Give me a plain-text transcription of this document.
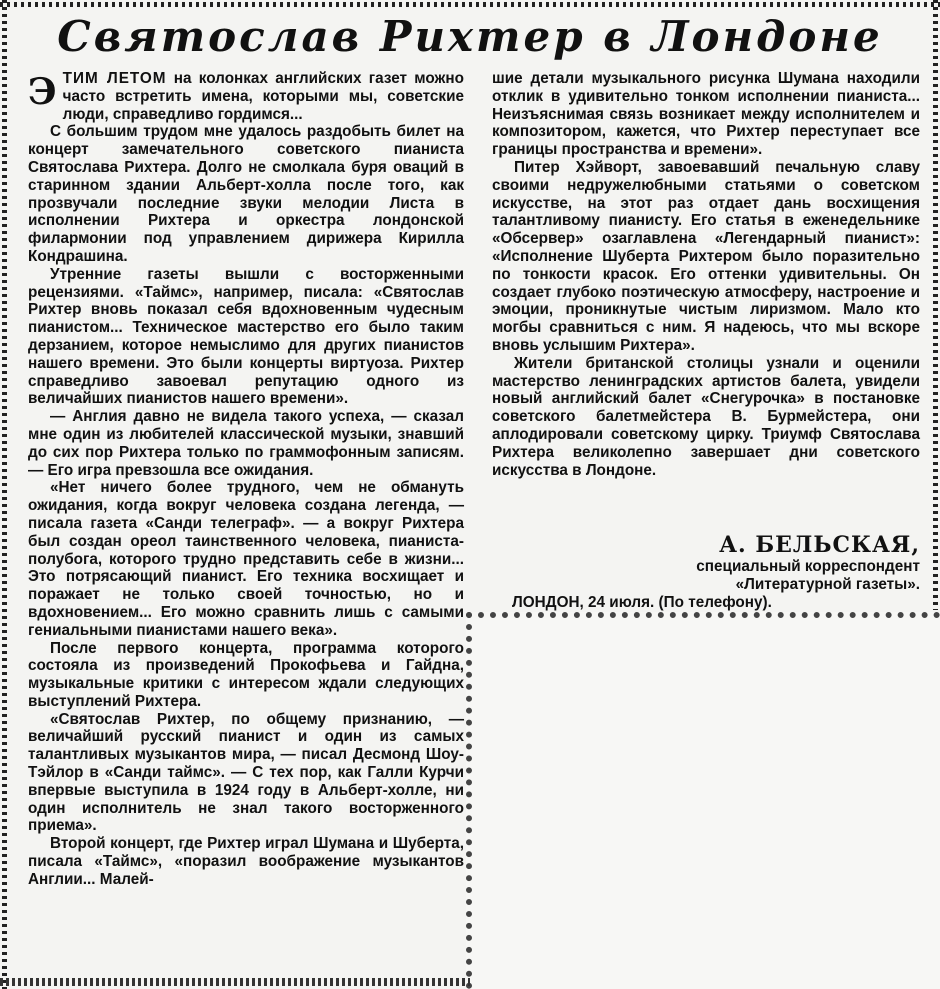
Святослав Рихтер в Лондоне

ЭТИМ ЛЕТОМ на колонках английских газет можно часто встретить имена, которыми мы, советские люди, справедливо гордимся...

С большим трудом мне удалось раздобыть билет на концерт замечательного советского пианиста Святослава Рихтера. Долго не смолкала буря оваций в старинном здании Альберт-холла после того, как прозвучали последние звуки мелодии Листа в исполнении Рихтера и оркестра лондонской филармонии под управлением дирижера Кирилла Кондрашина.

Утренние газеты вышли с восторженными рецензиями. «Таймс», например, писала: «Святослав Рихтер вновь показал себя вдохновенным чудесным пианистом... Техническое мастерство его было таким дерзанием, которое немыслимо для других пианистов нашего времени. Это были концерты виртуоза. Рихтер справедливо завоевал репутацию одного из величайших пианистов нашего времени».

— Англия давно не видела такого успеха, — сказал мне один из любителей классической музыки, знавший до сих пор Рихтера только по граммофонным записям. — Его игра превзошла все ожидания.

«Нет ничего более трудного, чем не обмануть ожидания, когда вокруг человека создана легенда, — писала газета «Санди телеграф». — а вокруг Рихтера был создан ореол таинственного человека, пианиста-полубога, которого трудно представить себе в жизни... Это потрясающий пианист. Его техника восхищает и поражает не только своей точностью, но и вдохновением... Его можно сравнить лишь с самыми гениальными пианистами нашего века».

После первого концерта, программа которого состояла из произведений Прокофьева и Гайдна, музыкальные критики с интересом ждали следующих выступлений Рихтера.

«Святослав Рихтер, по общему признанию, — величайший русский пианист и один из самых талантливых музыкантов мира, — писал Десмонд Шоу-Тэйлор в «Санди таймс». — С тех пор, как Галли Курчи впервые выступила в 1924 году в Альберт-холле, ни один исполнитель не знал такого восторженного приема».

Второй концерт, где Рихтер играл Шумана и Шуберта, писала «Таймс», «поразил воображение музыкантов Англии... Малей-

шие детали музыкального рисунка Шумана находили отклик в удивительно тонком исполнении пианиста... Неизъяснимая связь возникает между исполнителем и композитором, кажется, что Рихтер переступает все границы пространства и времени».

Питер Хэйворт, завоевавший печальную славу своими недружелюбными статьями о советском искусстве, на этот раз отдает дань восхищения талантливому пианисту. Его статья в еженедельнике «Обсервер» озаглавлена «Легендарный пианист»: «Исполнение Шуберта Рихтером было поразительно по тонкости красок. Его оттенки удивительны. Он создает глубоко поэтическую атмосферу, настроение и эмоции, проникнутые чистым лиризмом. Мало кто могбы сравниться с ним. Я надеюсь, что мы вскоре вновь услышим Рихтера».

Жители британской столицы узнали и оценили мастерство ленинградских артистов балета, увидели новый английский балет «Снегурочка» в постановке советского балетмейстера В. Бурмейстера, они аплодировали советскому цирку. Триумф Святослава Рихтера великолепно завершает дни советского искусства в Лондоне.

А. БЕЛЬСКАЯ,
специальный корреспондент
«Литературной газеты».
ЛОНДОН, 24 июля. (По телефону).
